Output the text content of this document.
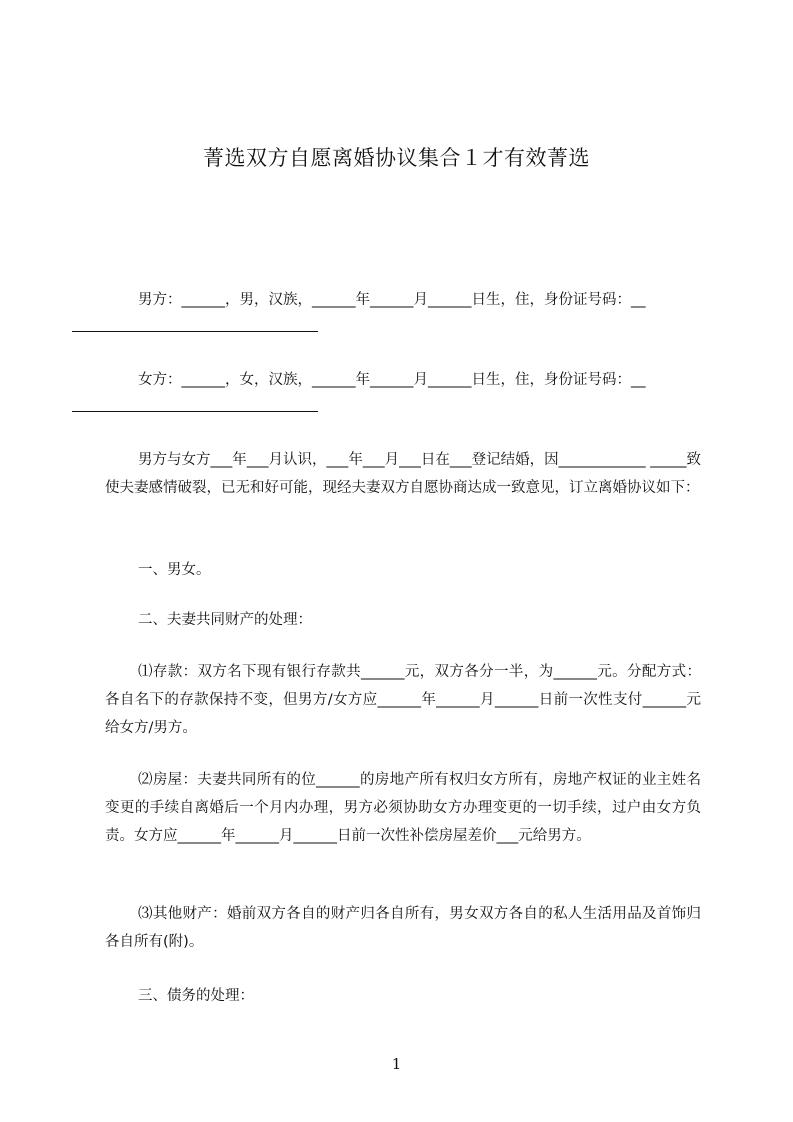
菁选双方自愿离婚协议集合１才有效菁选

男方：______，男，汉族，______年______月______日生，住，身份证号码：__

女方：______，女，汉族，______年______月______日生，住，身份证号码：__

男方与女方___年___月认识，___年___月___日在___登记结婚，因____________ _____致使夫妻感情破裂，已无和好可能，现经夫妻双方自愿协商达成一致意见，订立离婚协议如下：

一、男女。

二、夫妻共同财产的处理：

⑴存款：双方名下现有银行存款共______元，双方各分一半，为______元。分配方式：各自名下的存款保持不变，但男方/女方应______年______月______日前一次性支付______元给女方/男方。

⑵房屋：夫妻共同所有的位______的房地产所有权归女方所有，房地产权证的业主姓名变更的手续自离婚后一个月内办理，男方必须协助女方办理变更的一切手续，过户由女方负责。女方应______年______月______日前一次性补偿房屋差价___元给男方。

⑶其他财产：婚前双方各自的财产归各自所有，男女双方各自的私人生活用品及首饰归各自所有(附)。

三、债务的处理：

1
